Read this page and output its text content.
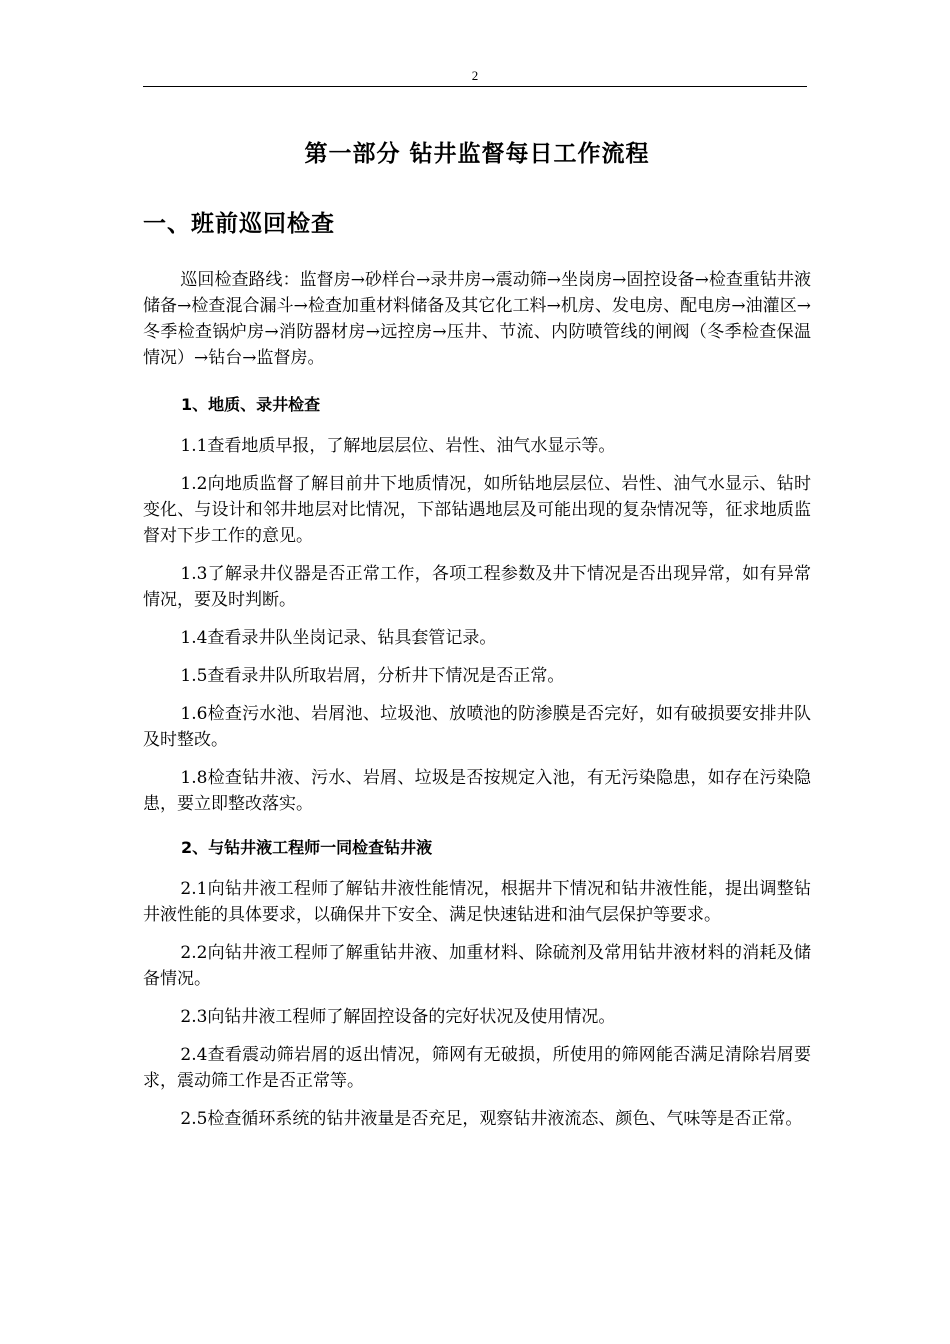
2
第一部分 钻井监督每日工作流程
一、班前巡回检查

巡回检查路线：监督房→砂样台→录井房→震动筛→坐岗房→固控设备→检查重钻井液储备→检查混合漏斗→检查加重材料储备及其它化工料→机房、发电房、配电房→油灌区→冬季检查锅炉房→消防器材房→远控房→压井、节流、内防喷管线的闸阀（冬季检查保温情况）→钻台→监督房。

1、地质、录井检查

1.1查看地质早报，了解地层层位、岩性、油气水显示等。

1.2向地质监督了解目前井下地质情况，如所钻地层层位、岩性、油气水显示、钻时变化、与设计和邻井地层对比情况，下部钻遇地层及可能出现的复杂情况等，征求地质监督对下步工作的意见。

1.3了解录井仪器是否正常工作，各项工程参数及井下情况是否出现异常，如有异常情况，要及时判断。

1.4查看录井队坐岗记录、钻具套管记录。

1.5查看录井队所取岩屑，分析井下情况是否正常。

1.6检查污水池、岩屑池、垃圾池、放喷池的防渗膜是否完好，如有破损要安排井队及时整改。

1.8检查钻井液、污水、岩屑、垃圾是否按规定入池，有无污染隐患，如存在污染隐患，要立即整改落实。

2、与钻井液工程师一同检查钻井液

2.1向钻井液工程师了解钻井液性能情况，根据井下情况和钻井液性能，提出调整钻井液性能的具体要求，以确保井下安全、满足快速钻进和油气层保护等要求。

2.2向钻井液工程师了解重钻井液、加重材料、除硫剂及常用钻井液材料的消耗及储备情况。

2.3向钻井液工程师了解固控设备的完好状况及使用情况。

2.4查看震动筛岩屑的返出情况，筛网有无破损，所使用的筛网能否满足清除岩屑要求，震动筛工作是否正常等。

2.5检查循环系统的钻井液量是否充足，观察钻井液流态、颜色、气味等是否正常。
